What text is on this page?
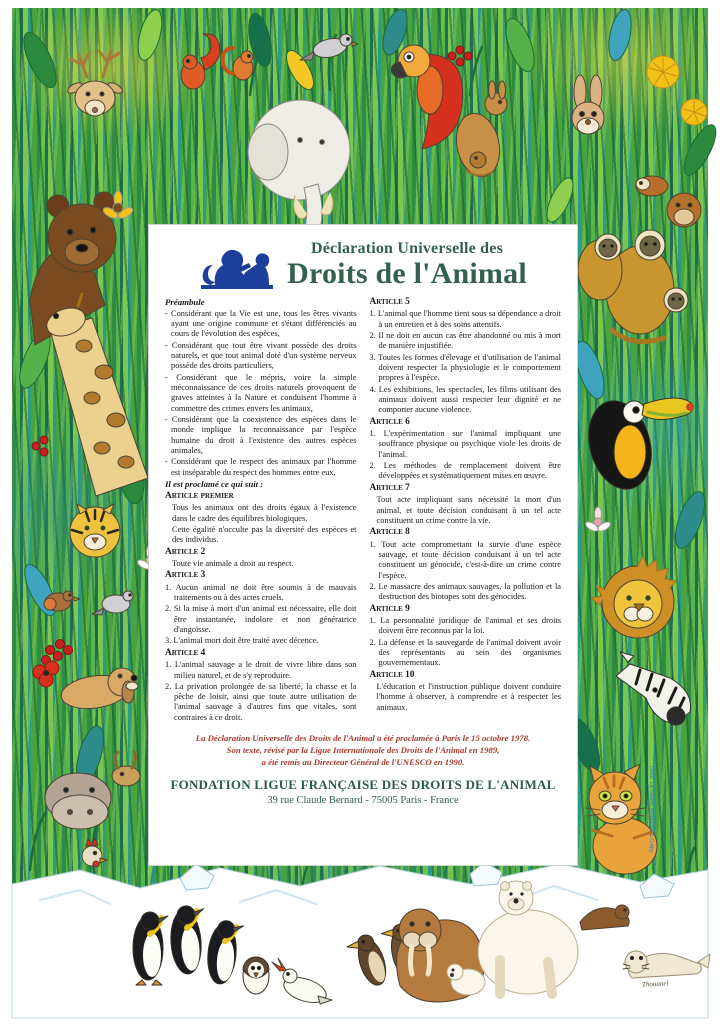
Déclaration Universelle des
Droits de l'Animal

Préambule

- Considérant que la Vie est une, tous les êtres vivants ayant une origine commune et s'étant différenciés au cours de l'évolution des espèces,

- Considérant que tout être vivant possède des droits naturels, et que tout animal doté d'un système nerveux possède des droits particuliers,

- Considérant que le mépris, voire la simple méconnaissance de ces droits naturels provoquent de graves atteintes à la Nature et conduisent l'homme à commettre des crimes envers les animaux,

- Considérant que la coexistence des espèces dans le monde implique la reconnaissance par l'espèce humaine du droit à l'existence des autres espèces animales,

- Considérant que le respect des animaux par l'homme est inséparable du respect des hommes entre eux,

Il est proclamé ce qui suit :

Article premier

Tous les animaux ont des droits égaux à l'existence dans le cadre des équilibres biologiques.

Cette égalité n'occulte pas la diversité des espèces et des individus.

Article 2

Toute vie animale a droit au respect.

Article 3

1. Aucun animal ne doit être soumis à de mauvais traitements ou à des actes cruels.

2. Si la mise à mort d'un animal est nécessaire, elle doit être instantanée, indolore et non génératrice d'angoisse.

3. L'animal mort doit être traité avec décence.

Article 4

1. L'animal sauvage a le droit de vivre libre dans son milieu naturel, et de s'y reproduire.

2. La privation prolongée de sa liberté, la chasse et la pêche de loisir, ainsi que toute autre utilisation de l'animal sauvage à d'autres fins que vitales, sont contraires à ce droit.

Article 5

1. L'animal que l'homme tient sous sa dépendance a droit à un entretien et à des soins attentifs.

2. Il ne doit en aucun cas être abandonné ou mis à mort de manière injustifiée.

3. Toutes les formes d'élevage et d'utilisation de l'animal doivent respecter la physiologie et le comportement propres à l'espèce.

4. Les exhibitions, les spectacles, les films utilisant des animaux doivent aussi respecter leur dignité et ne comporter aucune violence.

Article 6

1. L'expérimentation sur l'animal impliquant une souffrance physique ou psychique viole les droits de l'animal.

2. Les méthodes de remplacement doivent être développées et systématiquement mises en œuvre.

Article 7

Tout acte impliquant sans nécessité la mort d'un animal, et toute décision conduisant à un tel acte constituent un crime contre la vie.

Article 8

1. Tout acte compromettant la survie d'une espèce sauvage, et toute décision conduisant à un tel acte constituent un génocide, c'est-à-dire un crime contre l'espèce.

2. Le massacre des animaux sauvages, la pollution et la destruction des biotopes sont des génocides.

Article 9

1. La personnalité juridique de l'animal et ses droits doivent être reconnus par la loi.

2. La défense et la sauvegarde de l'animal doivent avoir des représentants au sein des organismes gouvernementaux.

Article 10

L'éducation et l'instruction publique doivent conduire l'homme à observer, à comprendre et à respecter les animaux.

La Déclaration Universelle des Droits de l'Animal a été proclamée à Paris le 15 octobre 1978.
Son texte, révisé par la Ligue Internationale des Droits de l'Animal en 1989,
a été remis au Directeur Général de l'UNESCO en 1990.
FONDATION LIGUE FRANÇAISE DES DROITS DE L'ANIMAL
39 rue Claude Bernard - 75005 Paris - France	Dess. La Sabine Angélique à Crépy
Thouanel
